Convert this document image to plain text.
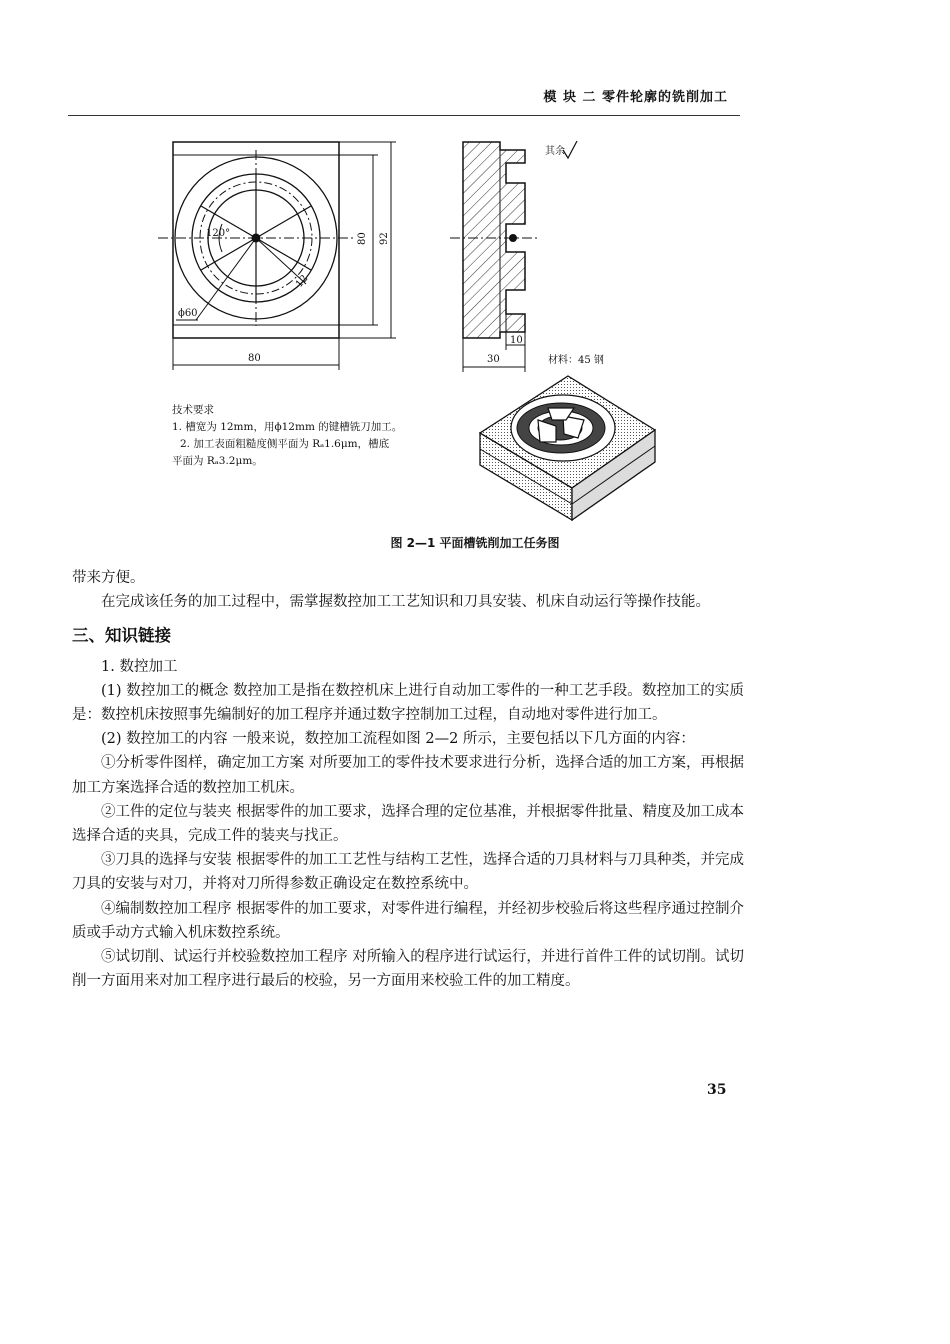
模 块 二 零件轮廓的铣削加工
ϕ60
120°
12
80 92
80	30
10
其余
材料：45 钢
技术要求
1. 槽宽为 12mm，用ϕ12mm 的键槽铣刀加工。
2. 加工表面粗糙度侧平面为 Rₐ1.6μm，槽底
平面为 Rₐ3.2μm。
图 2—1 平面槽铣削加工任务图

带来方便。

在完成该任务的加工过程中，需掌握数控加工工艺知识和刀具安装、机床自动运行等操作技能。

三、知识链接

1. 数控加工

(1) 数控加工的概念 数控加工是指在数控机床上进行自动加工零件的一种工艺手段。数控加工的实质是：数控机床按照事先编制好的加工程序并通过数字控制加工过程，自动地对零件进行加工。

(2) 数控加工的内容 一般来说，数控加工流程如图 2—2 所示，主要包括以下几方面的内容：

①分析零件图样，确定加工方案 对所要加工的零件技术要求进行分析，选择合适的加工方案，再根据加工方案选择合适的数控加工机床。

②工件的定位与装夹 根据零件的加工要求，选择合理的定位基准，并根据零件批量、精度及加工成本选择合适的夹具，完成工件的装夹与找正。

③刀具的选择与安装 根据零件的加工工艺性与结构工艺性，选择合适的刀具材料与刀具种类，并完成刀具的安装与对刀，并将对刀所得参数正确设定在数控系统中。

④编制数控加工程序 根据零件的加工要求，对零件进行编程，并经初步校验后将这些程序通过控制介质或手动方式输入机床数控系统。

⑤试切削、试运行并校验数控加工程序 对所输入的程序进行试运行，并进行首件工件的试切削。试切削一方面用来对加工程序进行最后的校验，另一方面用来校验工件的加工精度。

35
